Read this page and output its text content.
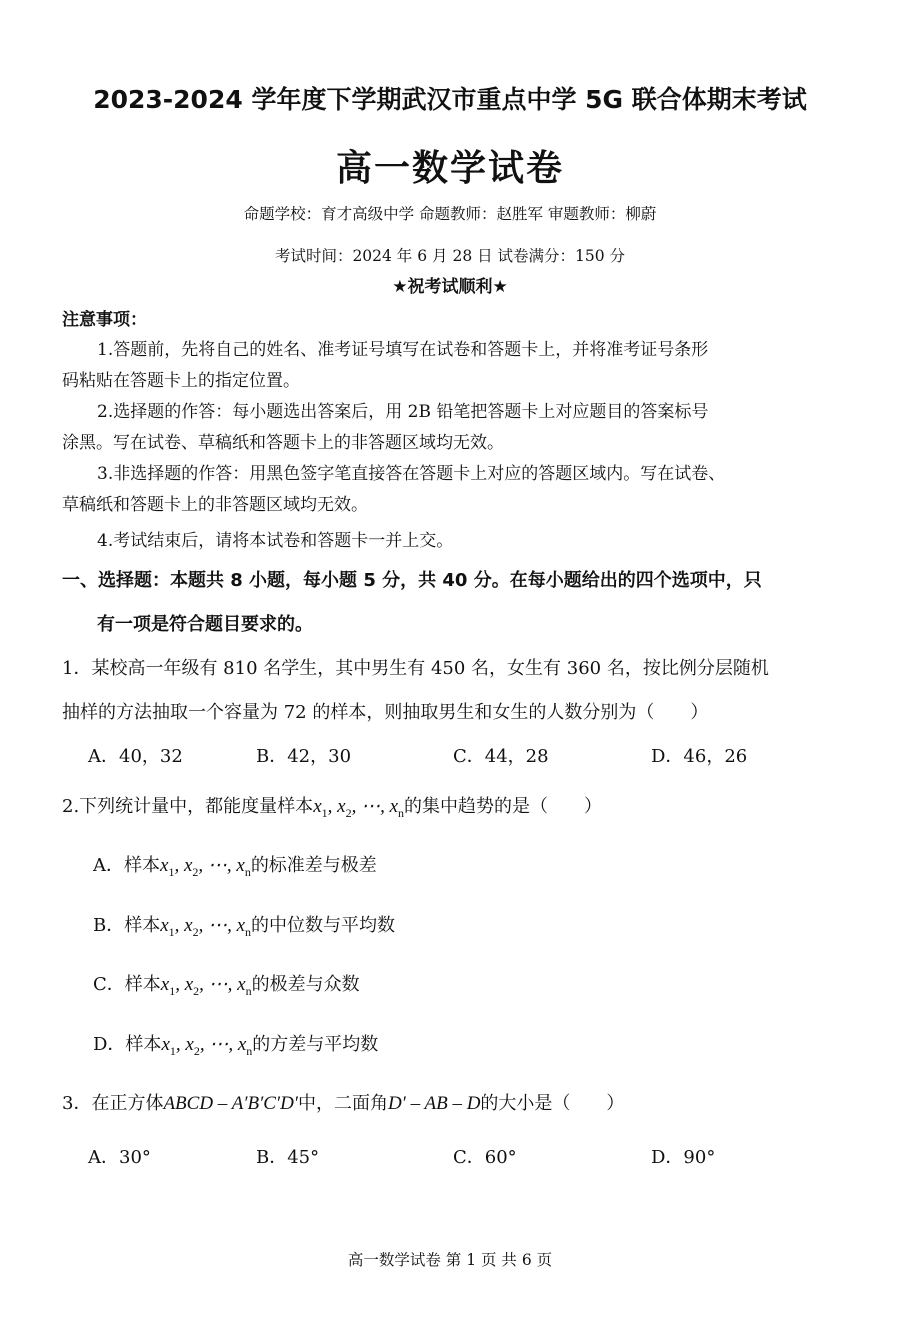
2023-2024 学年度下学期武汉市重点中学 5G 联合体期末考试
高一数学试卷
命题学校：育才高级中学 命题教师：赵胜军 审题教师：柳蔚
考试时间：2024 年 6 月 28 日 试卷满分：150 分
★祝考试顺利★
注意事项：
1.答题前，先将自己的姓名、准考证号填写在试卷和答题卡上，并将准考证号条形
码粘贴在答题卡上的指定位置。
2.选择题的作答：每小题选出答案后，用 2B 铅笔把答题卡上对应题目的答案标号
涂黑。写在试卷、草稿纸和答题卡上的非答题区域均无效。
3.非选择题的作答：用黑色签字笔直接答在答题卡上对应的答题区域内。写在试卷、
草稿纸和答题卡上的非答题区域均无效。
4.考试结束后，请将本试卷和答题卡一并上交。
一、选择题：本题共 8 小题，每小题 5 分，共 40 分。在每小题给出的四个选项中，只
有一项是符合题目要求的。
1．某校高一年级有 810 名学生，其中男生有 450 名，女生有 360 名，按比例分层随机
抽样的方法抽取一个容量为 72 的样本，则抽取男生和女生的人数分别为（　　）
A．40，32	B．42，30	C．44，28	D．46，26
2.下列统计量中，都能度量样本$x_1$, $x_2$, ⋯, $x_n$的集中趋势的是（　　）
A．样本$x_1$, $x_2$, ⋯, $x_n$的标准差与极差
B．样本$x_1$, $x_2$, ⋯, $x_n$的中位数与平均数
C．样本$x_1$, $x_2$, ⋯, $x_n$的极差与众数
D．样本$x_1$, $x_2$, ⋯, $x_n$的方差与平均数
3．在正方体ABCD – A′B′C′D′中，二面角D′ – AB – D的大小是（　　）
A．30°	B．45°	C．60°	D．90°
高一数学试卷 第 1 页 共 6 页
